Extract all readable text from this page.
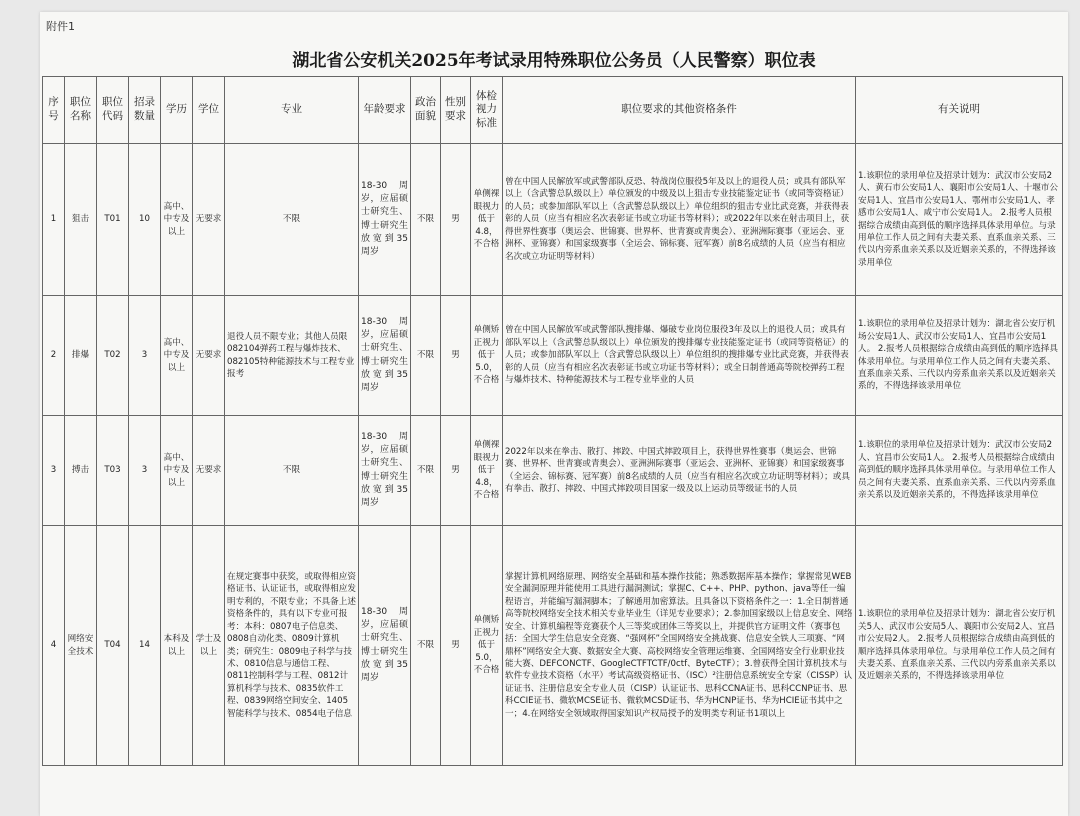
附件1
湖北省公安机关2025年考试录用特殊职位公务员（人民警察）职位表
序号	职位名称	职位代码	招录数量	学历	学位	专业	年龄要求	政治面貌	性别要求	体检视力标准	职位要求的其他资格条件	有关说明
1	狙击	T01	10	高中、中专及以上	无要求	不限	18-30周岁，应届硕士研究生、博士研究生放宽到35周岁	不限	男	单侧裸眼视力低于4.8，不合格	曾在中国人民解放军或武警部队反恐、特战岗位服役5年及以上的退役人员；或具有部队军以上（含武警总队级以上）单位颁发的中级及以上狙击专业技能鉴定证书（或同等资格证）的人员；或参加部队军以上（含武警总队级以上）单位组织的狙击专业比武竞赛，并获得表彰的人员（应当有相应名次表彰证书或立功证书等材料）；或2022年以来在射击项目上，获得世界性赛事（奥运会、世锦赛、世界杯、世青赛或青奥会）、亚洲洲际赛事（亚运会、亚洲杯、亚锦赛）和国家级赛事（全运会、锦标赛、冠军赛）前8名成绩的人员（应当有相应名次或立功证明等材料）	1.该职位的录用单位及招录计划为：武汉市公安局2人、黄石市公安局1人、襄阳市公安局1人、十堰市公安局1人、宜昌市公安局1人、鄂州市公安局1人、孝感市公安局1人、咸宁市公安局1人。 2.报考人员根据综合成绩由高到低的顺序选择具体录用单位。与录用单位工作人员之间有夫妻关系、直系血亲关系、三代以内旁系血亲关系以及近姻亲关系的，不得选择该录用单位
2	排爆	T02	3	高中、中专及以上	无要求	退役人员不限专业；其他人员限082104弹药工程与爆炸技术、082105特种能源技术与工程专业报考	18-30周岁，应届硕士研究生、博士研究生放宽到35周岁	不限	男	单侧矫正视力低于5.0，不合格	曾在中国人民解放军或武警部队搜排爆、爆破专业岗位服役3年及以上的退役人员；或具有部队军以上（含武警总队级以上）单位颁发的搜排爆专业技能鉴定证书（或同等资格证）的人员；或参加部队军以上（含武警总队级以上）单位组织的搜排爆专业比武竞赛，并获得表彰的人员（应当有相应名次表彰证书或立功证书等材料）；或全日制普通高等院校弹药工程与爆炸技术、特种能源技术与工程专业毕业的人员	1.该职位的录用单位及招录计划为：湖北省公安厅机场公安局1人、武汉市公安局1人、宜昌市公安局1人。 2.报考人员根据综合成绩由高到低的顺序选择具体录用单位。与录用单位工作人员之间有夫妻关系、直系血亲关系、三代以内旁系血亲关系以及近姻亲关系的，不得选择该录用单位
3	搏击	T03	3	高中、中专及以上	无要求	不限	18-30周岁，应届硕士研究生、博士研究生放宽到35周岁	不限	男	单侧裸眼视力低于4.8，不合格	2022年以来在拳击、散打、摔跤、中国式摔跤项目上，获得世界性赛事（奥运会、世锦赛、世界杯、世青赛或青奥会）、亚洲洲际赛事（亚运会、亚洲杯、亚锦赛）和国家级赛事（全运会、锦标赛、冠军赛）前8名成绩的人员（应当有相应名次或立功证明等材料）；或具有拳击、散打、摔跤、中国式摔跤项目国家一级及以上运动员等级证书的人员	1.该职位的录用单位及招录计划为：武汉市公安局2人、宜昌市公安局1人。 2.报考人员根据综合成绩由高到低的顺序选择具体录用单位。与录用单位工作人员之间有夫妻关系、直系血亲关系、三代以内旁系血亲关系以及近姻亲关系的，不得选择该录用单位
4	网络安全技术	T04	14	本科及以上	学士及以上	在规定赛事中获奖，或取得相应资格证书、认证证书，或取得相应发明专利的，不限专业；不具备上述资格条件的，具有以下专业可报考：本科：0807电子信息类、0808自动化类、0809计算机类；研究生：0809电子科学与技术、0810信息与通信工程、0811控制科学与工程、0812计算机科学与技术、0835软件工程、0839网络空间安全、1405智能科学与技术、0854电子信息	18-30周岁，应届硕士研究生、博士研究生放宽到35周岁	不限	男	单侧矫正视力低于5.0，不合格	掌握计算机网络原理、网络安全基础和基本操作技能；熟悉数据库基本操作；掌握常见WEB安全漏洞原理并能使用工具进行漏洞测试；掌握C、C++、PHP、python、java等任一编程语言，并能编写漏洞脚本；了解通用加密算法。且具备以下资格条件之一：1.全日制普通高等院校网络安全技术相关专业毕业生（详见专业要求）；2.参加国家级以上信息安全、网络安全、计算机编程等竞赛获个人三等奖或团体三等奖以上，并提供官方证明文件（赛事包括：全国大学生信息安全竞赛、“强网杯”全国网络安全挑战赛、信息安全铁人三项赛、“网鼎杯”网络安全大赛、数据安全大赛、高校网络安全管理运维赛、全国网络安全行业职业技能大赛、DEFCONCTF、GoogleCTFTCTF/0ctf、ByteCTF）；3.曾获得全国计算机技术与软件专业技术资格（水平）考试高级资格证书、（ISC）²注册信息系统安全专家（CISSP）认证证书、注册信息安全专业人员（CISP）认证证书、思科CCNA证书、思科CCNP证书、思科CCIE证书、微软MCSE证书、微软MCSD证书、华为HCNP证书、华为HCIE证书其中之一；4.在网络安全领域取得国家知识产权局授予的发明类专利证书1项以上	1.该职位的录用单位及招录计划为：湖北省公安厅机关5人、武汉市公安局5人、襄阳市公安局2人、宜昌市公安局2人。 2.报考人员根据综合成绩由高到低的顺序选择具体录用单位。与录用单位工作人员之间有夫妻关系、直系血亲关系、三代以内旁系血亲关系以及近姻亲关系的，不得选择该录用单位
